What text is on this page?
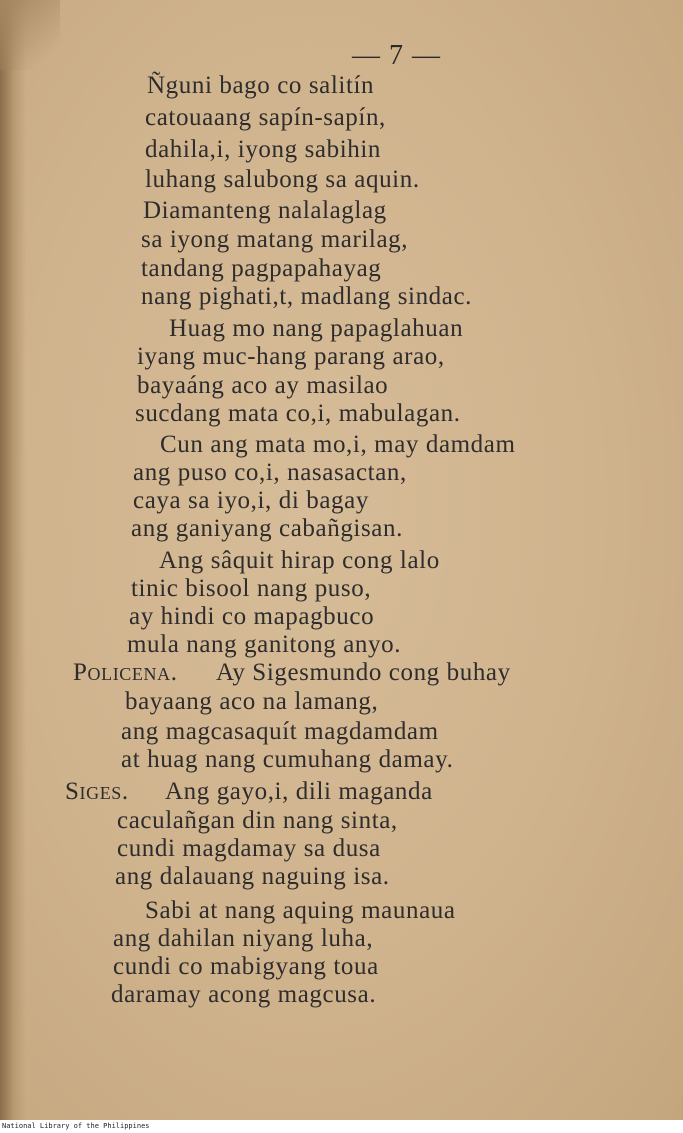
— 7 —
Ñguni bago co salitín
catouaang sapín-sapín,
dahila,i, iyong sabihin
luhang salubong sa aquin.
Diamanteng nalalaglag
sa iyong matang marilag,
tandang pagpapahayag
nang pighati,t, madlang sindac.
Huag mo nang papaglahuan
iyang muc-hang parang arao,
bayaáng aco ay masilao
sucdang mata co,i, mabulagan.
Cun ang mata mo,i, may damdam
ang puso co,i, nasasactan,
caya sa iyo,i, di bagay
ang ganiyang cabañgisan.
Ang sâquit hirap cong lalo
tinic bisool nang puso,
ay hindi co mapagbuco
mula nang ganitong anyo.
Policena. Ay Sigesmundo cong buhay
bayaang aco na lamang,
ang magcasaquít magdamdam
at huag nang cumuhang damay.
Siges. Ang gayo,i, dili maganda
caculañgan din nang sinta,
cundi magdamay sa dusa
ang dalauang naguing isa.
Sabi at nang aquing maunaua
ang dahilan niyang luha,
cundi co mabigyang toua
daramay acong magcusa.
National Library of the Philippines
